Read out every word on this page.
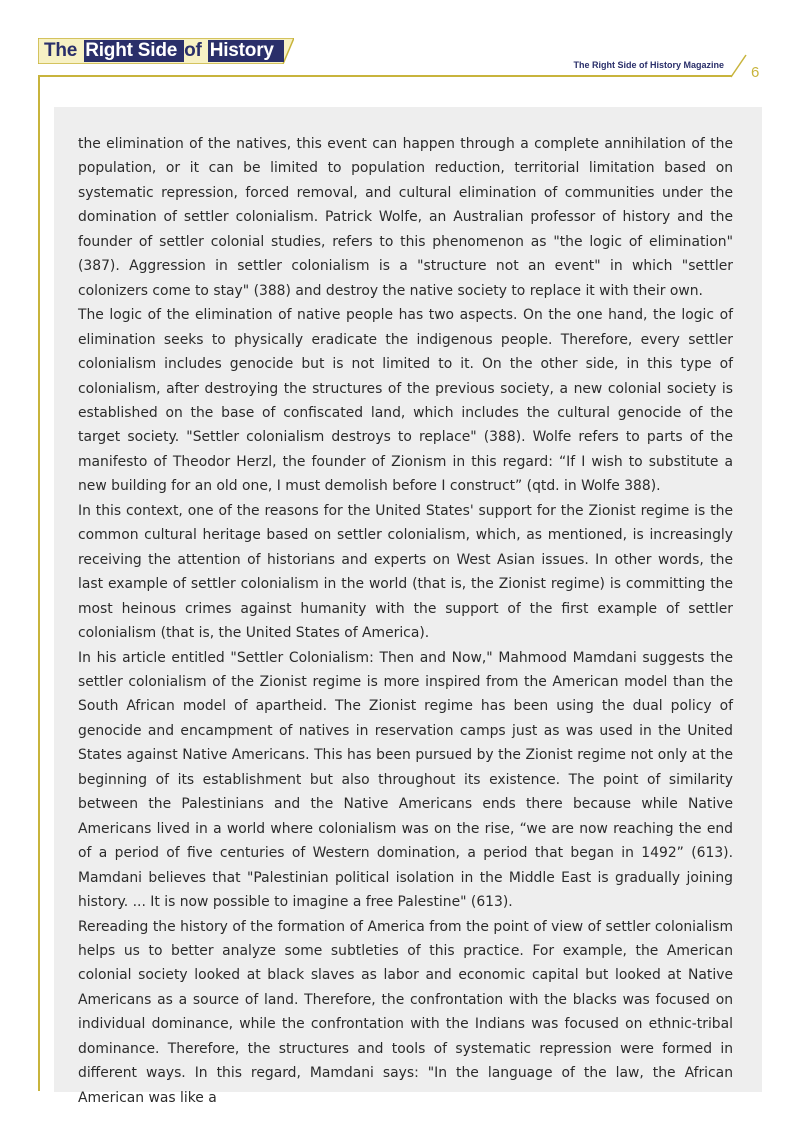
The Right Side of History
The Right Side of History Magazine 6

the elimination of the natives, this event can happen through a complete annihilation of the population, or it can be limited to population reduction, territorial limitation based on systematic repression, forced removal, and cultural elimination of communities under the domination of settler colonialism. Patrick Wolfe, an Australian professor of history and the founder of settler colonial studies, refers to this phenomenon as "the logic of elimination" (387). Aggression in settler colonialism is a "structure not an event" in which "settler colonizers come to stay" (388) and destroy the native society to replace it with their own.

The logic of the elimination of native people has two aspects. On the one hand, the logic of elimination seeks to physically eradicate the indigenous people. Therefore, every settler colonialism includes genocide but is not limited to it. On the other side, in this type of colonialism, after destroying the structures of the previous society, a new colonial society is established on the base of confiscated land, which includes the cultural genocide of the target society. "Settler colonialism destroys to replace" (388). Wolfe refers to parts of the manifesto of Theodor Herzl, the founder of Zionism in this regard: “If I wish to substitute a new building for an old one, I must demolish before I construct” (qtd. in Wolfe 388).

In this context, one of the reasons for the United States' support for the Zionist regime is the common cultural heritage based on settler colonialism, which, as mentioned, is increasingly receiving the attention of historians and experts on West Asian issues. In other words, the last example of settler colonialism in the world (that is, the Zionist regime) is committing the most heinous crimes against humanity with the support of the first example of settler colonialism (that is, the United States of America).

In his article entitled "Settler Colonialism: Then and Now," Mahmood Mamdani suggests the settler colonialism of the Zionist regime is more inspired from the American model than the South African model of apartheid. The Zionist regime has been using the dual policy of genocide and encampment of natives in reservation camps just as was used in the United States against Native Americans. This has been pursued by the Zionist regime not only at the beginning of its establishment but also throughout its existence. The point of similarity between the Palestinians and the Native Americans ends there because while Native Americans lived in a world where colonialism was on the rise, “we are now reaching the end of a period of five centuries of Western domination, a period that began in 1492” (613). Mamdani believes that "Palestinian political isolation in the Middle East is gradually joining history. ... It is now possible to imagine a free Palestine" (613).

Rereading the history of the formation of America from the point of view of settler colonialism helps us to better analyze some subtleties of this practice. For example, the American colonial society looked at black slaves as labor and economic capital but looked at Native Americans as a source of land. Therefore, the confrontation with the blacks was focused on individual dominance, while the confrontation with the Indians was focused on ethnic-tribal dominance. Therefore, the structures and tools of systematic repression were formed in different ways. In this regard, Mamdani says: "In the language of the law, the African American was like a
